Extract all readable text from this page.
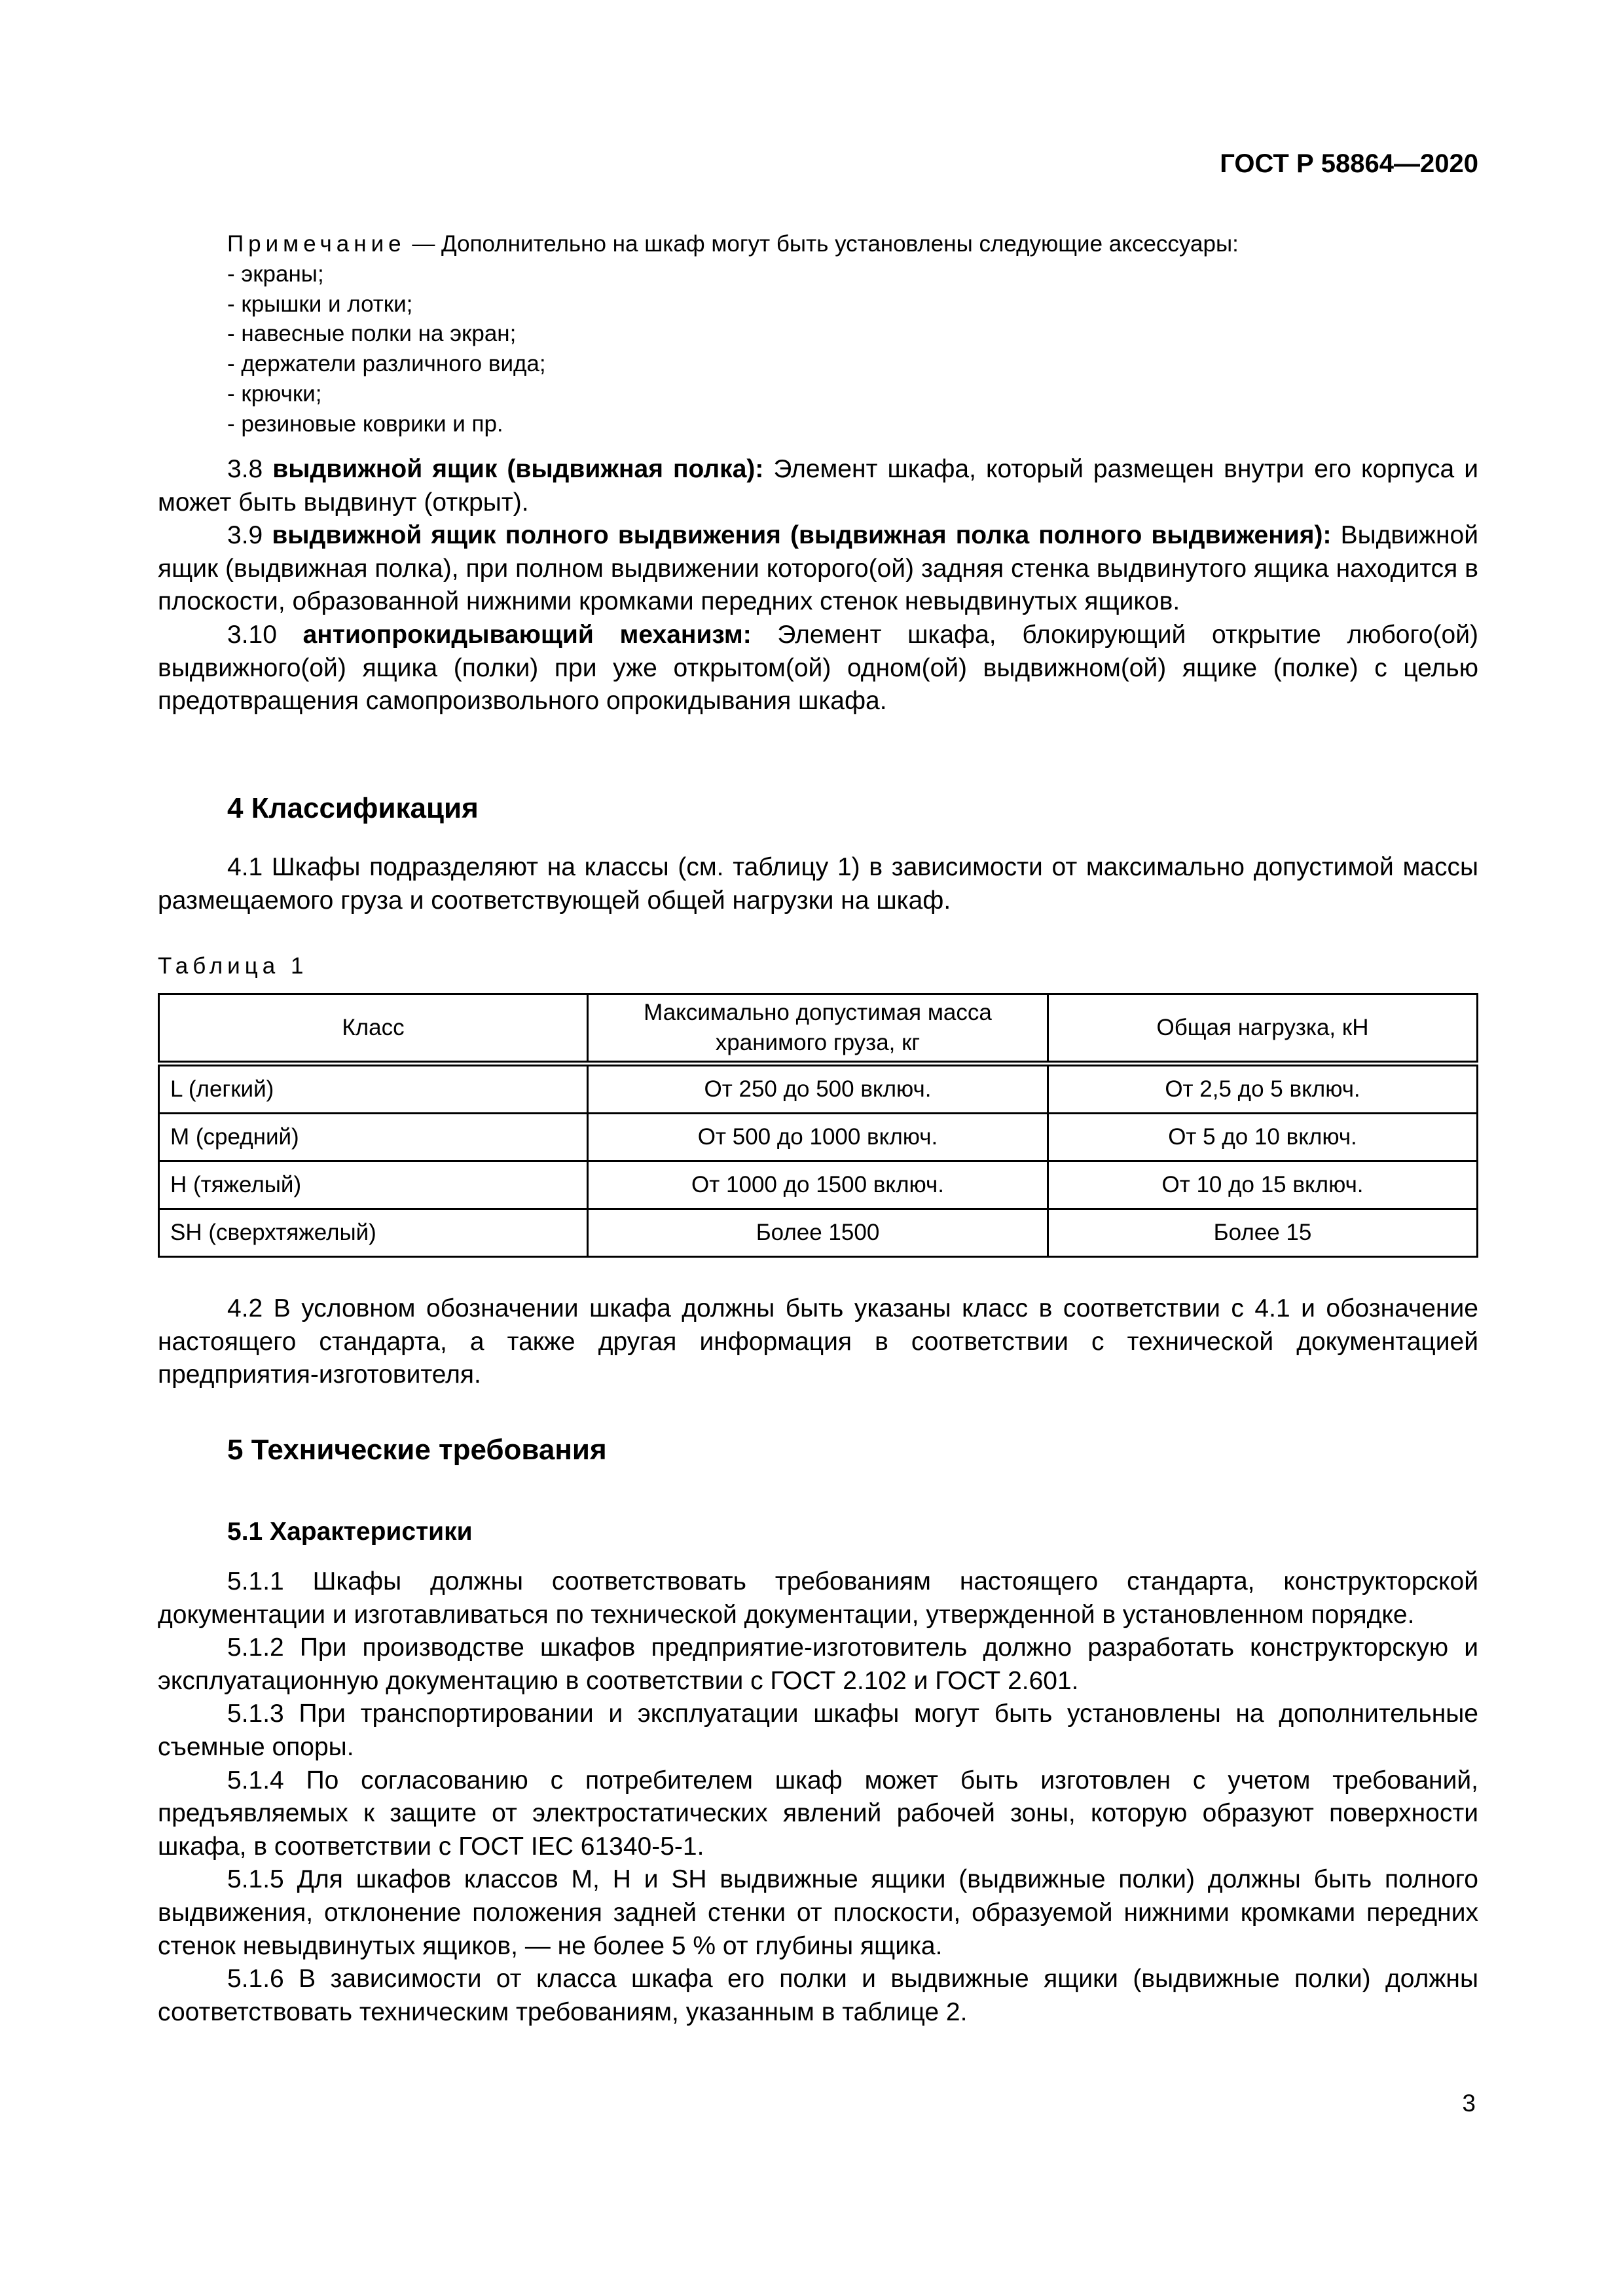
ГОСТ Р 58864—2020
Примечание — Дополнительно на шкаф могут быть установлены следующие аксессуары:
- экраны;
- крышки и лотки;
- навесные полки на экран;
- держатели различного вида;
- крючки;
- резиновые коврики и пр.

3.8 выдвижной ящик (выдвижная полка): Элемент шкафа, который размещен внутри его корпуса и может быть выдвинут (открыт).

3.9 выдвижной ящик полного выдвижения (выдвижная полка полного выдвижения): Выдвижной ящик (выдвижная полка), при полном выдвижении которого(ой) задняя стенка выдвинутого ящика находится в плоскости, образованной нижними кромками передних стенок невыдвинутых ящиков.

3.10 антиопрокидывающий механизм: Элемент шкафа, блокирующий открытие любого(ой) выдвижного(ой) ящика (полки) при уже открытом(ой) одном(ой) выдвижном(ой) ящике (полке) с целью предотвращения самопроизвольного опрокидывания шкафа.

4 Классификация

4.1 Шкафы подразделяют на классы (см. таблицу 1) в зависимости от максимально допустимой массы размещаемого груза и соответствующей общей нагрузки на шкаф.

Таблица 1
Класс	Максимально допустимая масса хранимого груза, кг	Общая нагрузка, кН
L (легкий)	От 250 до 500 включ.	От 2,5 до 5 включ.
M (средний)	От 500 до 1000 включ.	От 5 до 10 включ.
H (тяжелый)	От 1000 до 1500 включ.	От 10 до 15 включ.
SH (сверхтяжелый)	Более 1500	Более 15

4.2 В условном обозначении шкафа должны быть указаны класс в соответствии с 4.1 и обозначение настоящего стандарта, а также другая информация в соответствии с технической документацией предприятия-изготовителя.

5 Технические требования
5.1 Характеристики

5.1.1 Шкафы должны соответствовать требованиям настоящего стандарта, конструкторской документации и изготавливаться по технической документации, утвержденной в установленном порядке.

5.1.2 При производстве шкафов предприятие-изготовитель должно разработать конструкторскую и эксплуатационную документацию в соответствии с ГОСТ 2.102 и ГОСТ 2.601.

5.1.3 При транспортировании и эксплуатации шкафы могут быть установлены на дополнительные съемные опоры.

5.1.4 По согласованию с потребителем шкаф может быть изготовлен с учетом требований, предъявляемых к защите от электростатических явлений рабочей зоны, которую образуют поверхности шкафа, в соответствии с ГОСТ IEC 61340-5-1.

5.1.5 Для шкафов классов M, H и SH выдвижные ящики (выдвижные полки) должны быть полного выдвижения, отклонение положения задней стенки от плоскости, образуемой нижними кромками передних стенок невыдвинутых ящиков, — не более 5 % от глубины ящика.

5.1.6 В зависимости от класса шкафа его полки и выдвижные ящики (выдвижные полки) должны соответствовать техническим требованиям, указанным в таблице 2.

3
